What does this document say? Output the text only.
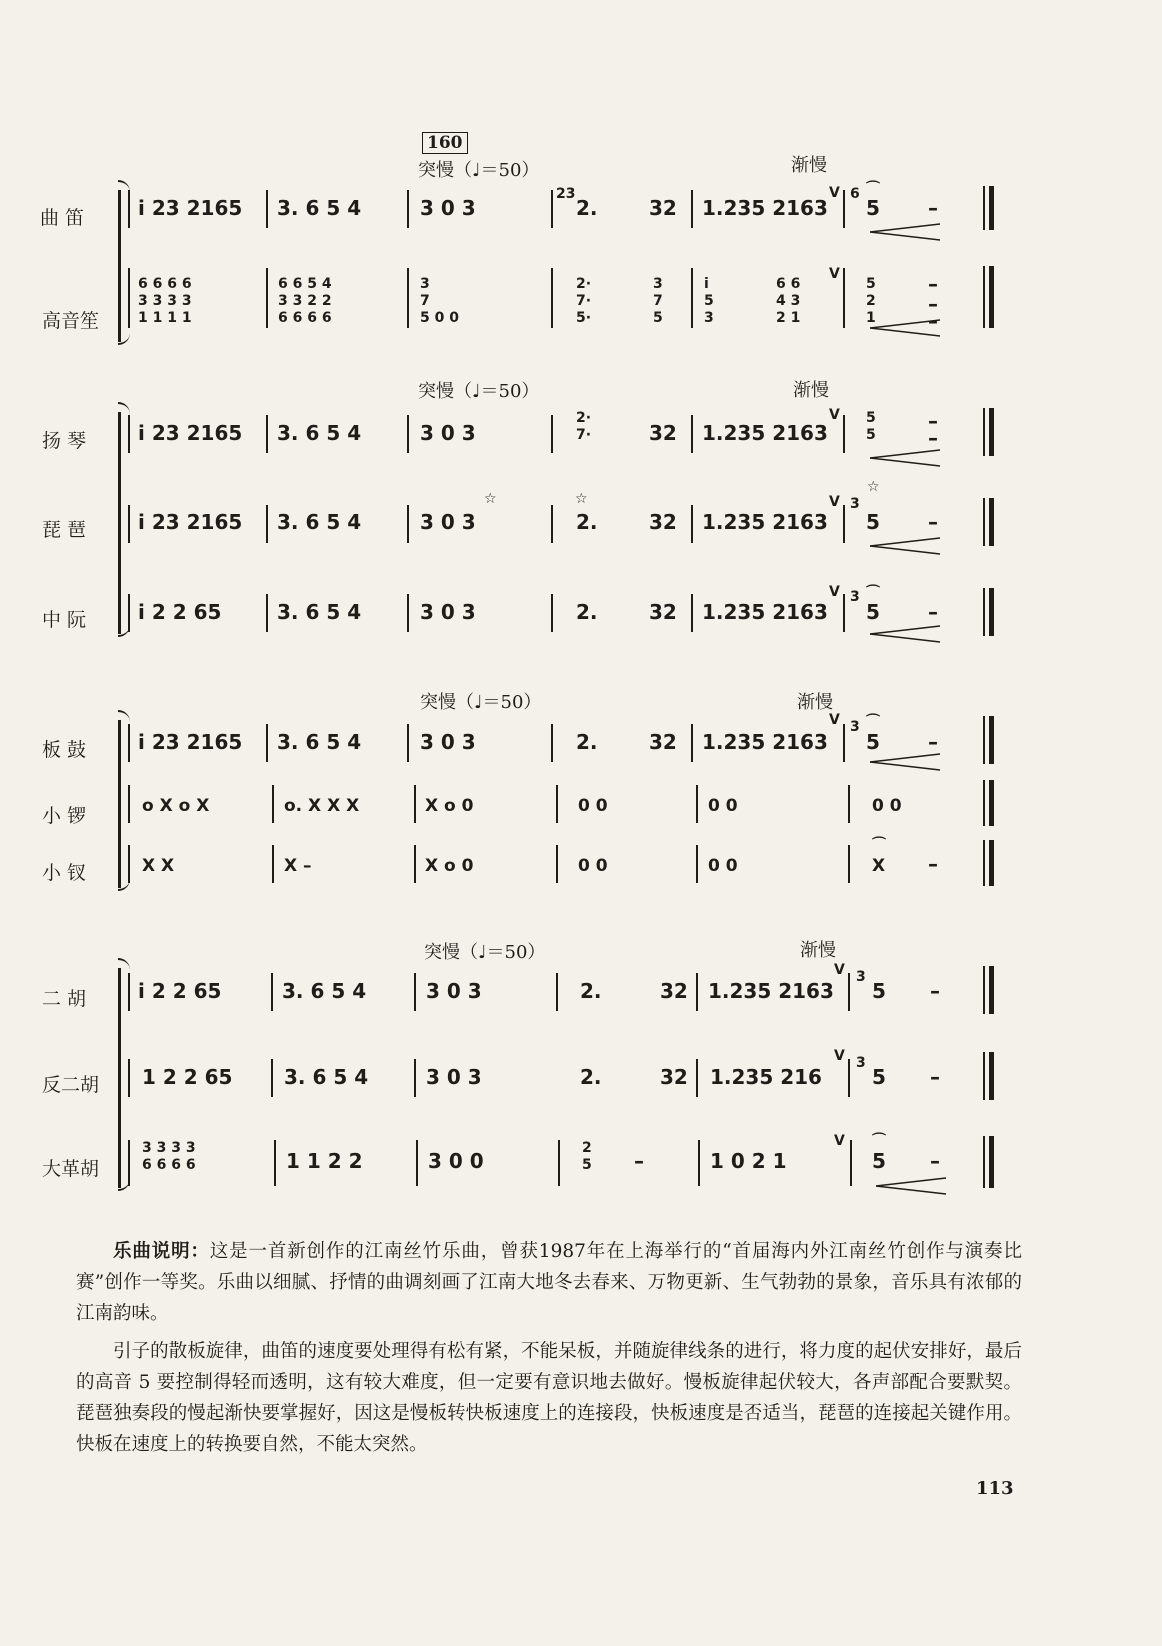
160
突慢（♩＝50）	渐慢
突慢（♩＝50）	渐慢
突慢（♩＝50）	渐慢
突慢（♩＝50）	渐慢
曲笛
高音笙
扬琴
琵琶
中阮
板鼓
小锣
小钗
二胡
反二胡
大革胡
i 23 2165 3. 6 5 4	3 0 3
23
2.	32 1.235 2163
V 6 ⌒
5 –
6 6 6 6
3 3 3 3
1 1 1 1
6 6 5 4
3 3 2 2
6 6 6 6
3
7
5 0 0
2·
7·
5·
3
7
5
i
5
3
6 6
4 3
2 1
V
5
2
1
–
–
–
i 23 2165 3. 6 5 4	3 0 3
2·
7·	32 1.235 2163
V 5
5
–
–
i 23 2165 3. 6 5 4	3 0 3
☆	☆
2.	32 1.235 2163
V 3
☆
5 –
i 2 2 65	3. 6 5 4	3 0 3	2.	32 1.235 2163
V 3 ⌒
5 –
i 23 2165 3. 6 5 4	3 0 3	2.	32 1.235 2163
V 3 ⌒
5 –
o X o X	o. X X X	X o 0	0 0	0 0	0 0
X X	X –	X o 0	0 0	0 0
⌒
X –
i 2 2 65	3. 6 5 4	3 0 3	2.	32 1.235 2163
V 3
5 –
1 2 2 65	3. 6 5 4	3 0 3	2.	32 1.235 216
V 3
5 –
3 3 3 3
6 6 6 6	1 1 2 2	3 0 0
2
5 –	1 0 2 1
V ⌒
5 –
乐曲说明：这是一首新创作的江南丝竹乐曲，曾获1987年在上海举行的“首届海内外江南丝竹创作与演奏比赛”创作一等奖。乐曲以细腻、抒情的曲调刻画了江南大地冬去春来、万物更新、生气勃勃的景象，音乐具有浓郁的江南韵味。
引子的散板旋律，曲笛的速度要处理得有松有紧，不能呆板，并随旋律线条的进行，将力度的起伏安排好，最后的高音 5 要控制得轻而透明，这有较大难度，但一定要有意识地去做好。慢板旋律起伏较大，各声部配合要默契。琵琶独奏段的慢起渐快要掌握好，因这是慢板转快板速度上的连接段，快板速度是否适当，琵琶的连接起关键作用。快板在速度上的转换要自然，不能太突然。
113
